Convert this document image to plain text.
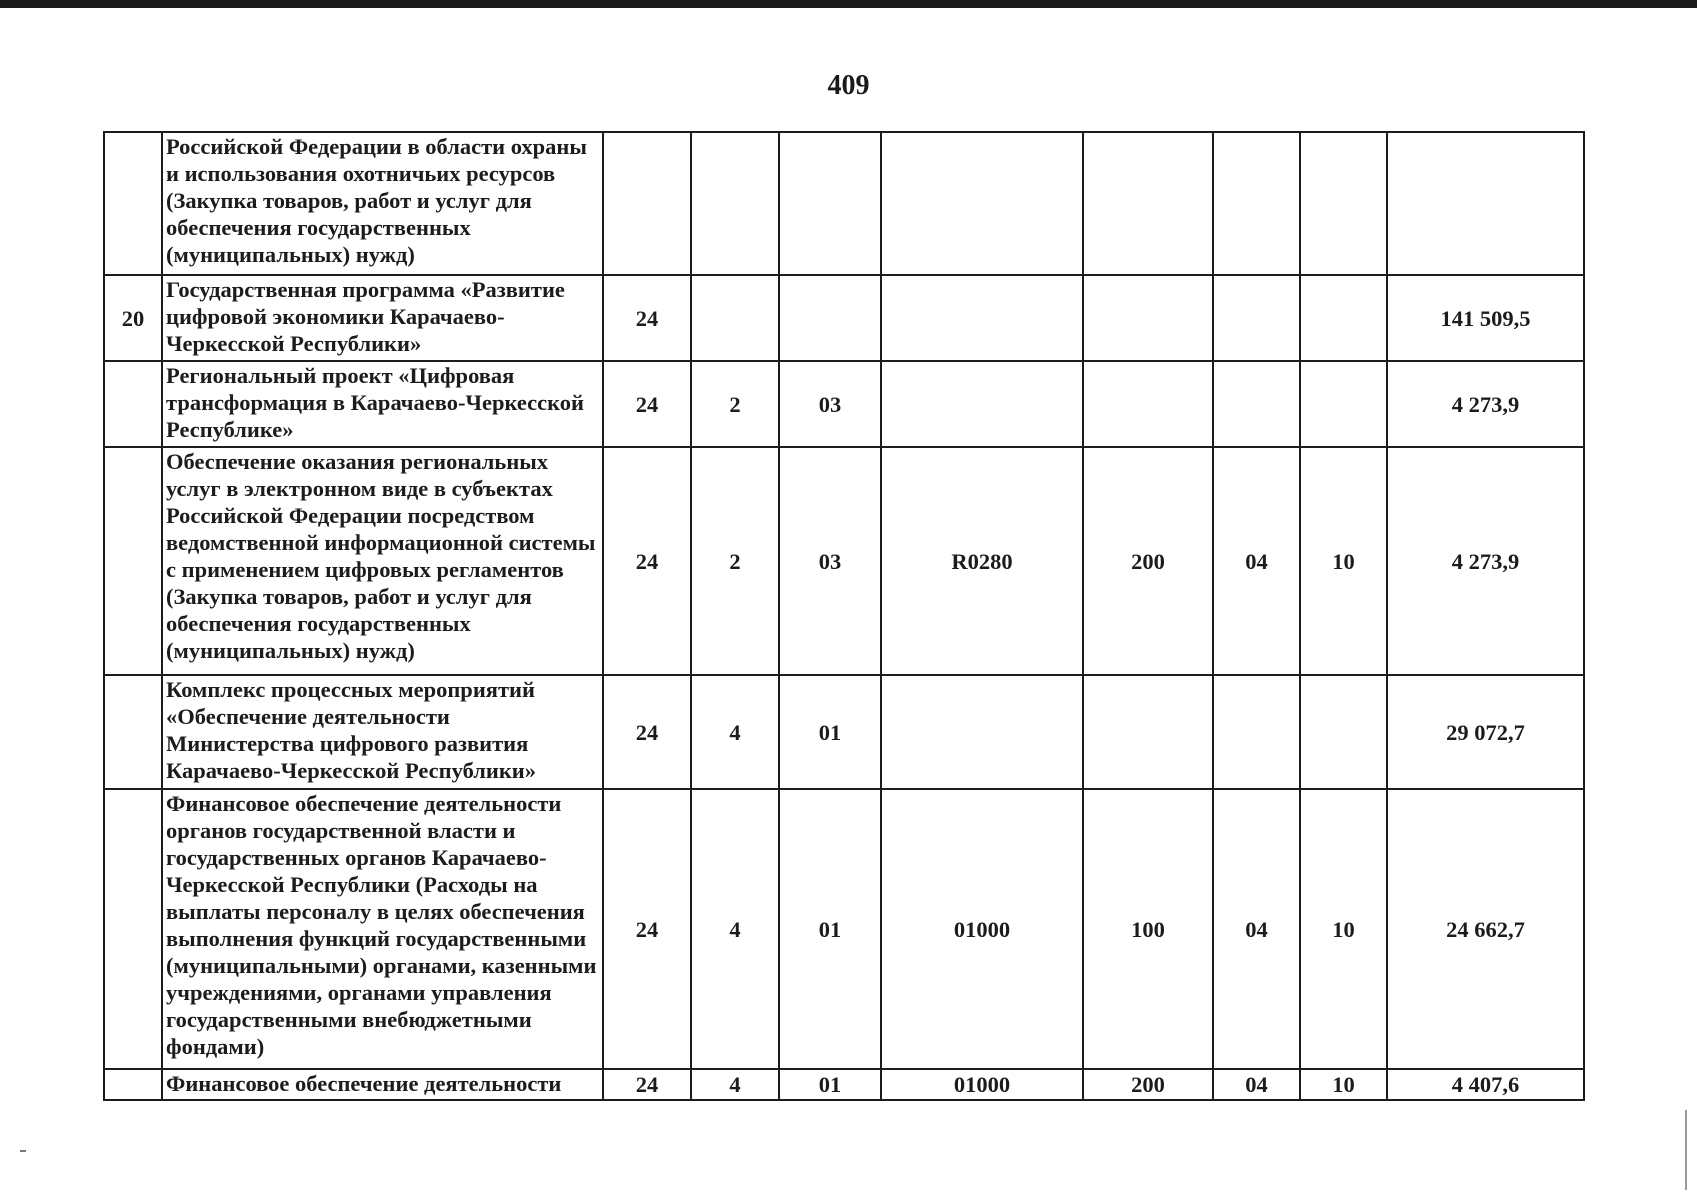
409
	Российской Федерации в области охраны и использования охотничьих ресурсов (Закупка товаров, работ и услуг для обеспечения государственных (муниципальных) нужд)								
20	Государственная программа «Развитие цифровой экономики Карачаево-Черкесской Республики»	24							141 509,5
	Региональный проект «Цифровая трансформация в Карачаево-Черкесской Республике»	24	2	03					4 273,9
	Обеспечение оказания региональных услуг в электронном виде в субъектах Российской Федерации посредством ведомственной информационной системы с применением цифровых регламентов (Закупка товаров, работ и услуг для обеспечения государственных (муниципальных) нужд)	24	2	03	R0280	200	04	10	4 273,9
	Комплекс процессных мероприятий «Обеспечение деятельности Министерства цифрового развития Карачаево-Черкесской Республики»	24	4	01					29 072,7
	Финансовое обеспечение деятельности органов государственной власти и государственных органов Карачаево-Черкесской Республики (Расходы на выплаты персоналу в целях обеспечения выполнения функций государственными (муниципальными) органами, казенными учреждениями, органами управления государственными внебюджетными фондами)	24	4	01	01000	100	04	10	24 662,7
	Финансовое обеспечение деятельности	24	4	01	01000	200	04	10	4 407,6
